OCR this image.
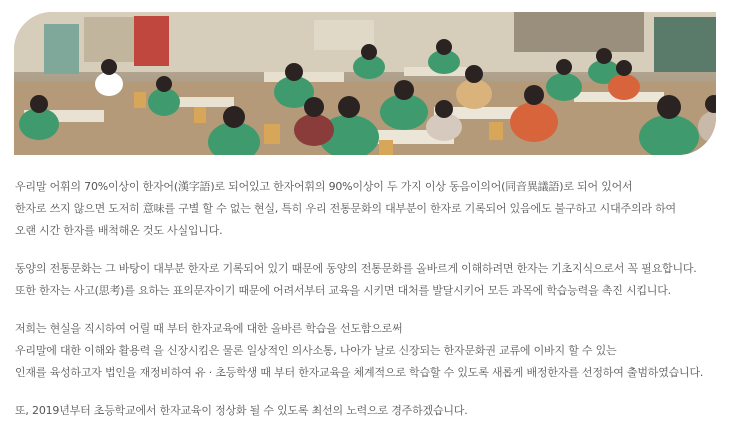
우리말 어휘의 70%이상이 한자어(漢字語)로 되어있고 한자어휘의 90%이상이 두 가지 이상 동음이의어(同音異議語)로 되어 있어서
한자로 쓰지 않으면 도저히 意味를 구별 할 수 없는 현실, 특히 우리 전통문화의 대부분이 한자로 기록되어 있음에도 불구하고 시대주의라 하여
오랜 시간 한자를 배척해온 것도 사실입니다.
동양의 전통문화는 그 바탕이 대부분 한자로 기록되어 있기 때문에 동양의 전통문화를 올바르게 이해하려면 한자는 기초지식으로서 꼭 필요합니다.
또한 한자는 사고(思考)를 요하는 표의문자이기 때문에 어려서부터 교육을 시키면 대처를 발달시키어 모든 과목에 학습능력을 촉진 시킵니다.
저희는 현실을 직시하여 어릴 때 부터 한자교육에 대한 올바른 학습을 선도함으로써
우리말에 대한 이해와 활용력 을 신장시킴은 물론 일상적인 의사소통, 나아가 날로 신장되는 한자문화권 교류에 이바지 할 수 있는
인재를 육성하고자 법인을 재정비하여 유 · 초등학생 때 부터 한자교육을 체계적으로 학습할 수 있도록 새롭게 배정한자를 선정하여 출범하였습니다.
또, 2019년부터 초등학교에서 한자교육이 정상화 될 수 있도록 최선의 노력으로 경주하겠습니다.
